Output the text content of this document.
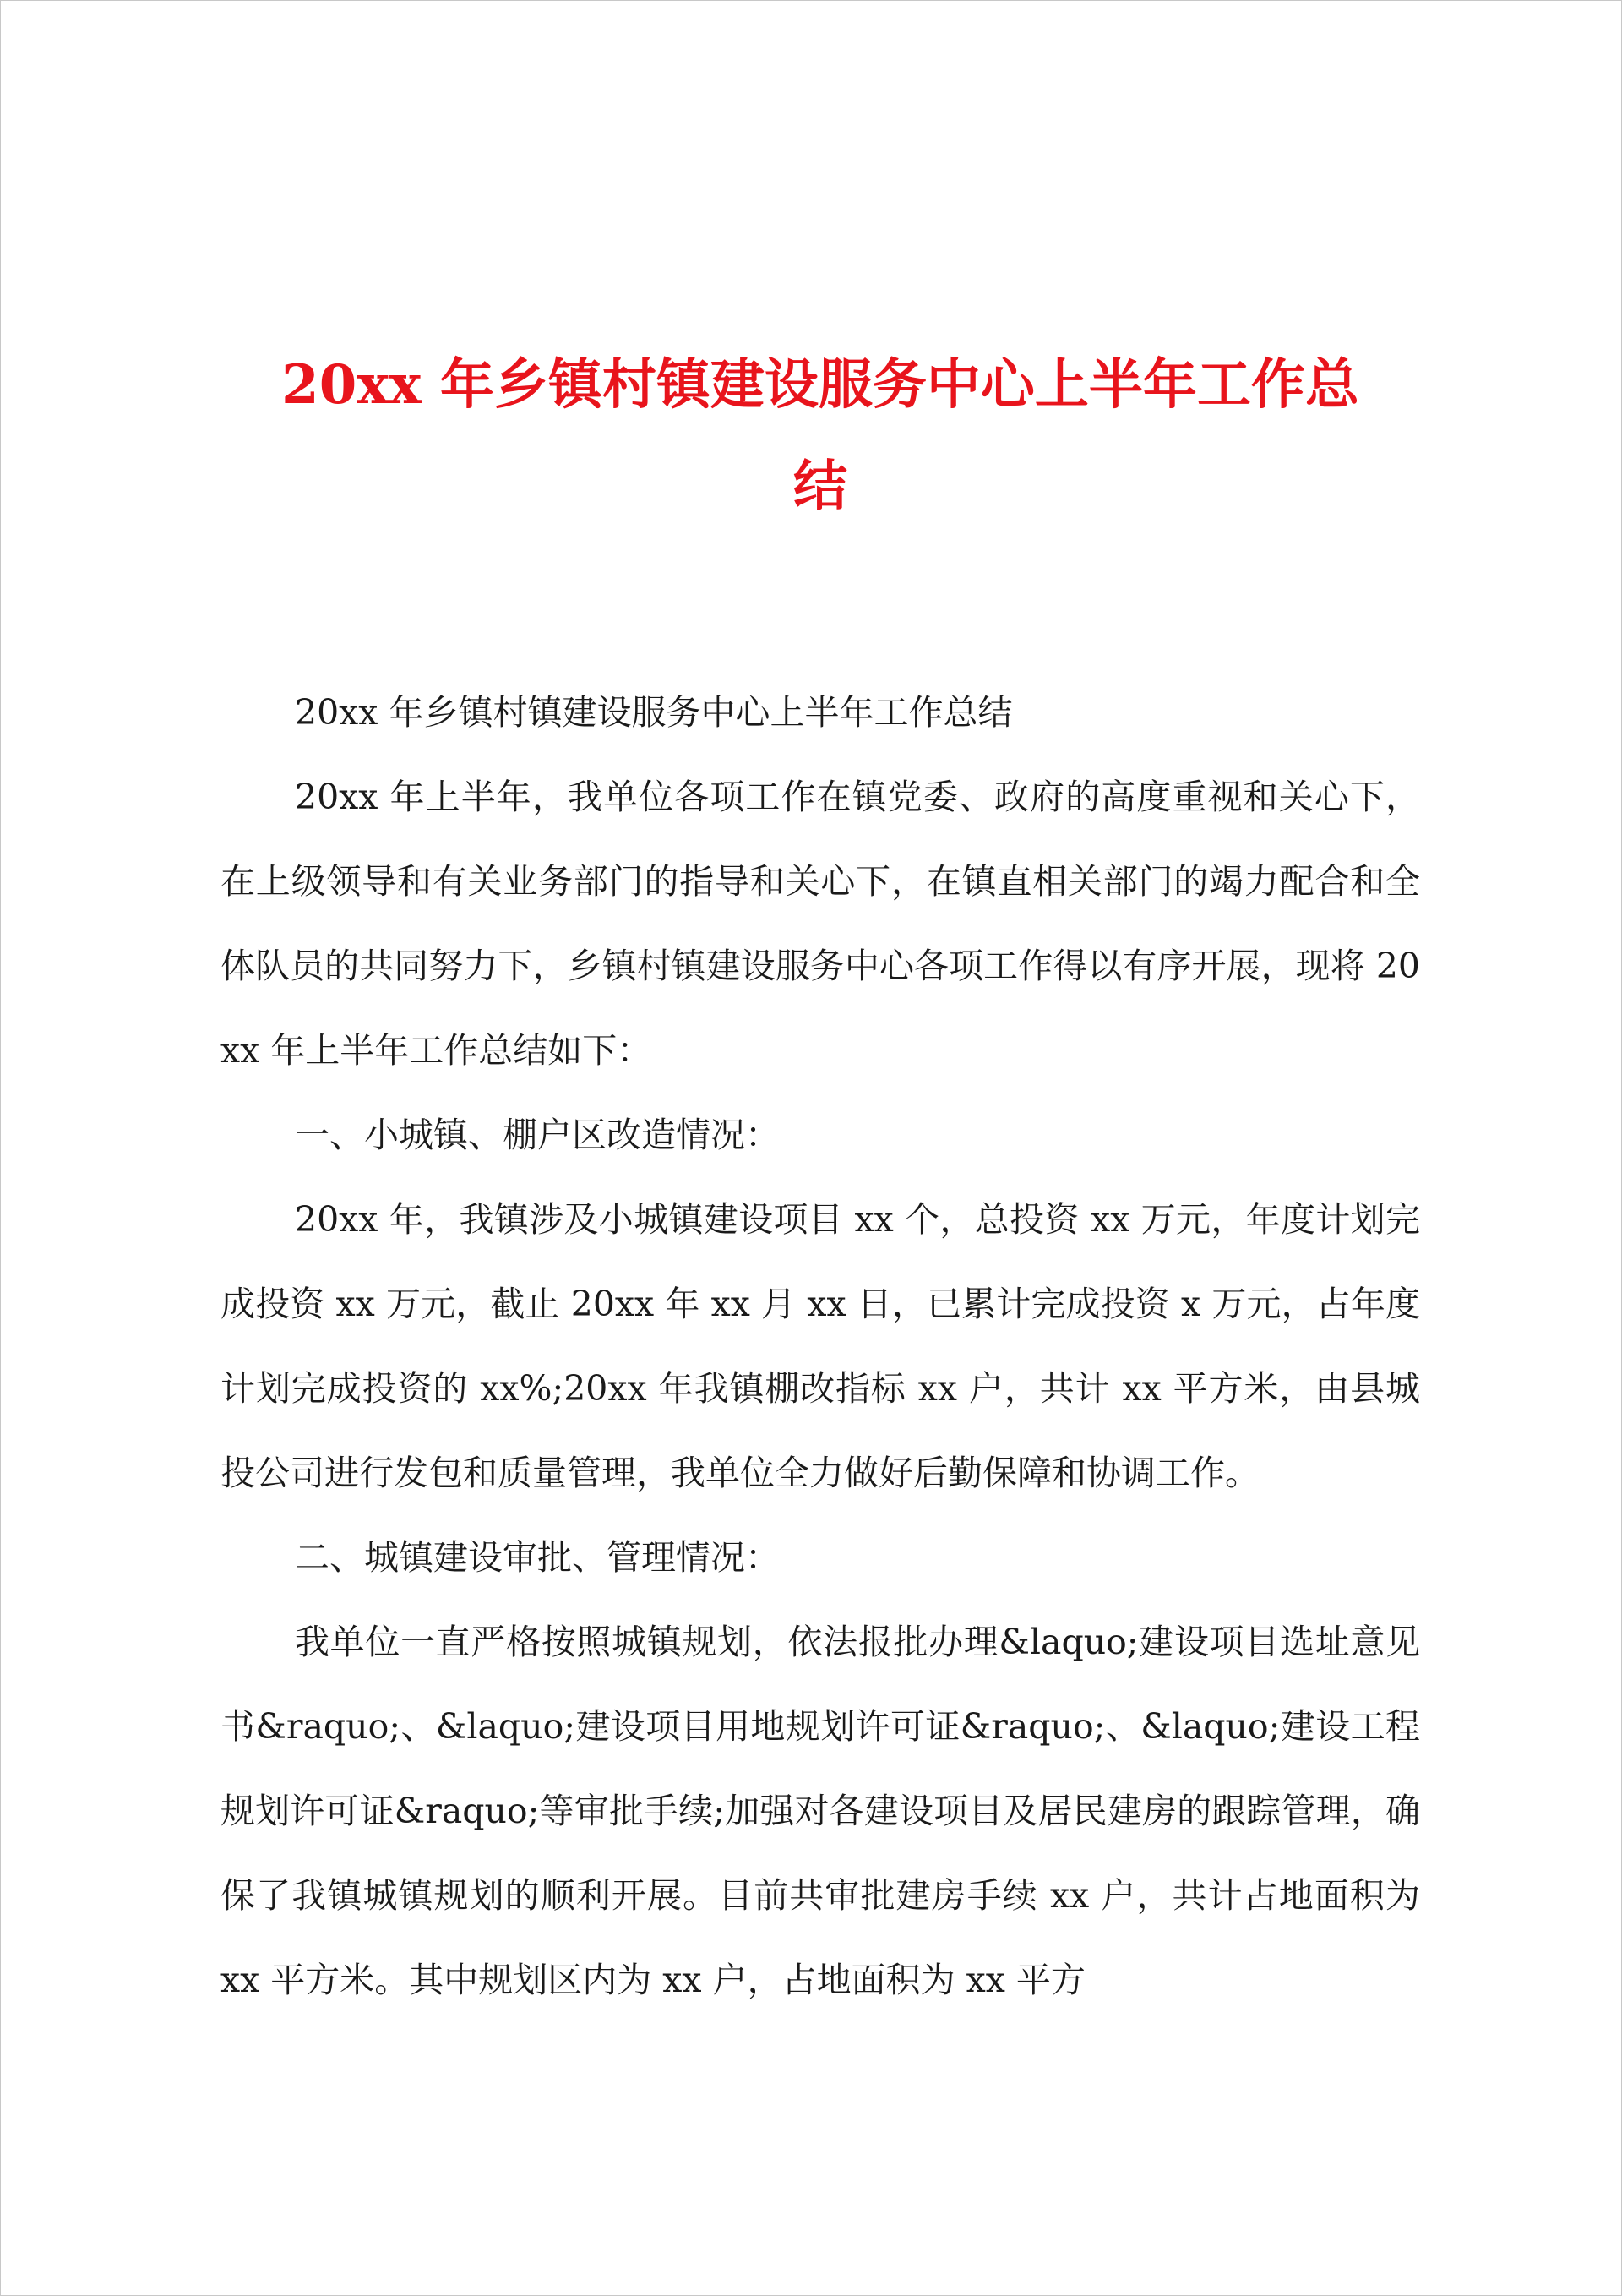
20xx 年乡镇村镇建设服务中心上半年工作总
结

20xx 年乡镇村镇建设服务中心上半年工作总结

20xx 年上半年，我单位各项工作在镇党委、政府的高度重视和关心下，在上级领导和有关业务部门的指导和关心下，在镇直相关部门的竭力配合和全体队员的共同努力下，乡镇村镇建设服务中心各项工作得以有序开展，现将 20xx 年上半年工作总结如下：

一、小城镇、棚户区改造情况：

20xx 年，我镇涉及小城镇建设项目 xx 个，总投资 xx 万元，年度计划完成投资 xx 万元，截止 20xx 年 xx 月 xx 日，已累计完成投资 x 万元，占年度计划完成投资的 xx%;20xx 年我镇棚改指标 xx 户，共计 xx 平方米，由县城投公司进行发包和质量管理，我单位全力做好后勤保障和协调工作。

二、城镇建设审批、管理情况：

我单位一直严格按照城镇规划，依法报批办理&laquo;建设项目选址意见书&raquo;、&laquo;建设项目用地规划许可证&raquo;、&laquo;建设工程规划许可证&raquo;等审批手续;加强对各建设项目及居民建房的跟踪管理，确保了我镇城镇规划的顺利开展。目前共审批建房手续 xx 户，共计占地面积为 xx 平方米。其中规划区内为 xx 户，占地面积为 xx 平方
